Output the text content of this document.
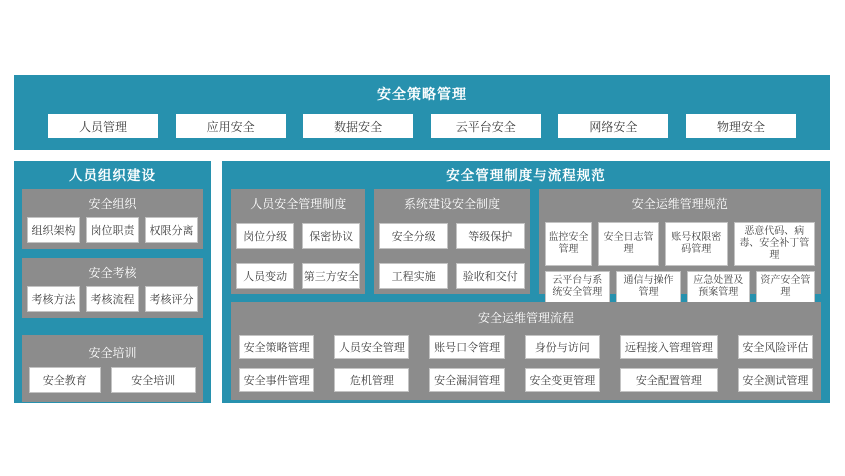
安全策略管理
人员管理	应用安全	数据安全	云平台安全	网络安全	物理安全
人员组织建设
安全组织
组织架构	岗位职责	权限分离
安全考核
考核方法	考核流程	考核评分
安全培训
安全教育	安全培训
安全管理制度与流程规范
人员安全管理制度
岗位分级	保密协议
人员变动	第三方安全
系统建设安全制度
安全分级	等级保护
工程实施	验收和交付
安全运维管理规范
监控安全管理
安全日志管理
账号权限密码管理
恶意代码、病毒、安全补丁管理
云平台与系统安全管理
通信与操作管理
应急处置及预案管理
资产安全管理
安全运维管理流程
安全策略管理	人员安全管理	账号口令管理	身份与访问	远程接入管理管理	安全风险评估
安全事件管理	危机管理	安全漏洞管理	安全变更管理	安全配置管理	安全测试管理
